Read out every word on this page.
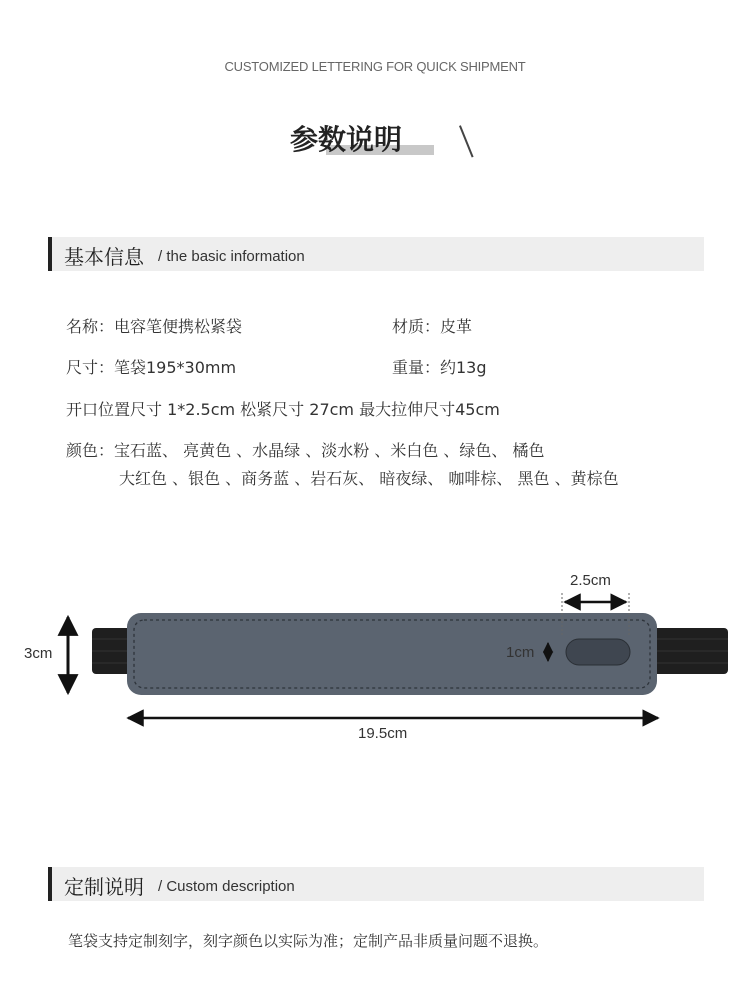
CUSTOMIZED LETTERING FOR QUICK SHIPMENT
参数说明
基本信息 / the basic information
名称：电容笔便携松紧袋	材质：皮革
尺寸：笔袋195*30mm	重量：约13g
开口位置尺寸 1*2.5cm 松紧尺寸 27cm 最大拉伸尺寸45cm
颜色：宝石蓝、 亮黄色 、水晶绿 、淡水粉 、米白色 、绿色、 橘色
大红色 、银色 、商务蓝 、岩石灰、 暗夜绿、 咖啡棕、 黑色 、黄棕色
2.5cm
3cm	1cm
19.5cm
定制说明 / Custom description
笔袋支持定制刻字，刻字颜色以实际为准；定制产品非质量问题不退换。
